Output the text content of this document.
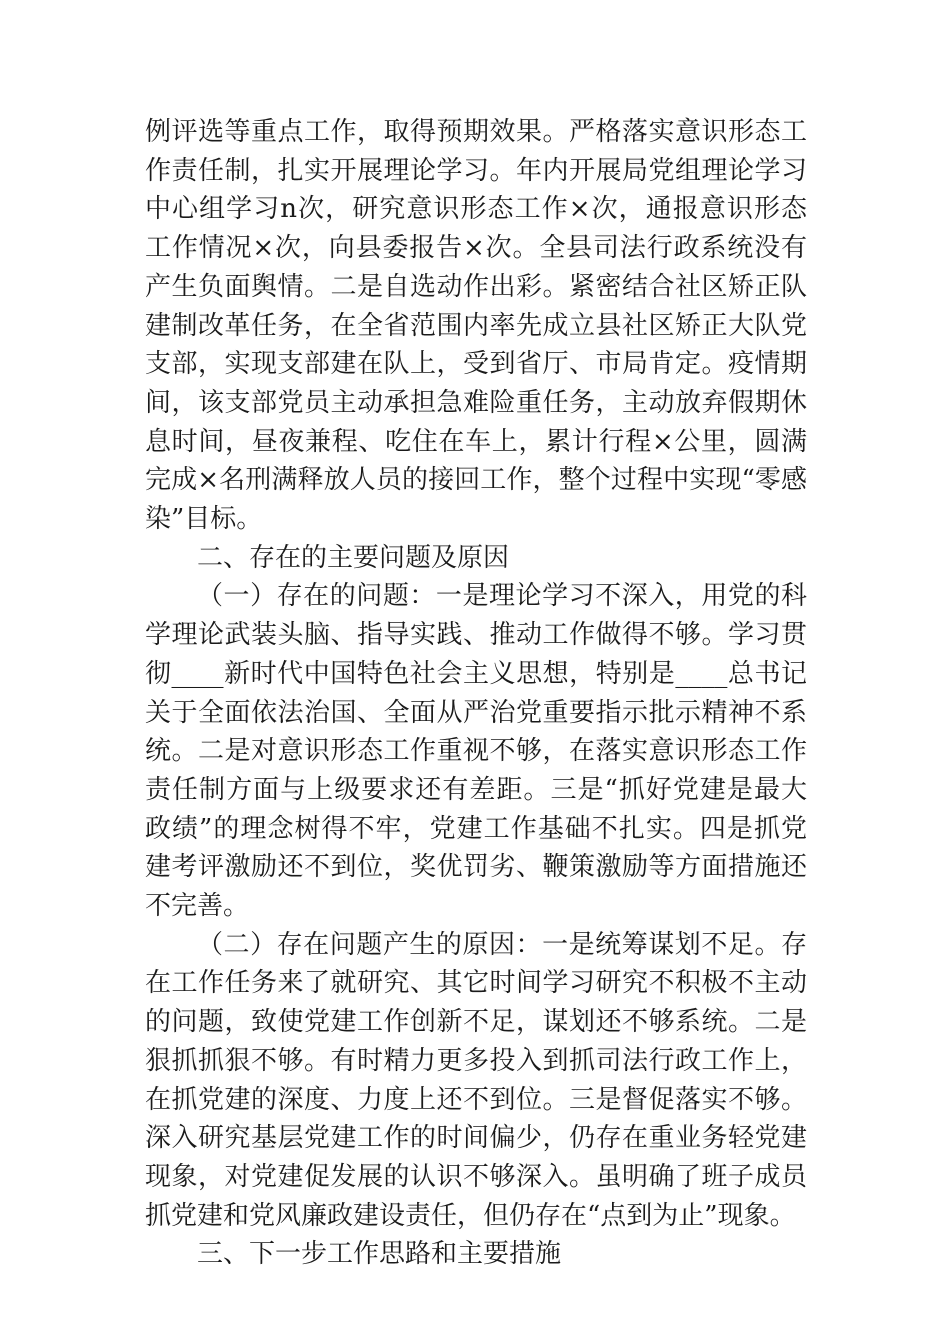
例评选等重点工作，取得预期效果。严格落实意识形态工作责任制，扎实开展理论学习。年内开展局党组理论学习中心组学习n次，研究意识形态工作×次，通报意识形态工作情况×次，向县委报告×次。全县司法行政系统没有产生负面舆情。二是自选动作出彩。紧密结合社区矫正队建制改革任务，在全省范围内率先成立县社区矫正大队党支部，实现支部建在队上，受到省厅、市局肯定。疫情期间，该支部党员主动承担急难险重任务，主动放弃假期休息时间，昼夜兼程、吃住在车上，累计行程×公里，圆满完成×名刑满释放人员的接回工作，整个过程中实现“零感染”目标。

二、存在的主要问题及原因

（一）存在的问题：一是理论学习不深入，用党的科学理论武装头脑、指导实践、推动工作做得不够。学习贯彻____新时代中国特色社会主义思想，特别是____总书记关于全面依法治国、全面从严治党重要指示批示精神不系统。二是对意识形态工作重视不够，在落实意识形态工作责任制方面与上级要求还有差距。三是“抓好党建是最大政绩”的理念树得不牢，党建工作基础不扎实。四是抓党建考评激励还不到位，奖优罚劣、鞭策激励等方面措施还不完善。

（二）存在问题产生的原因：一是统筹谋划不足。存在工作任务来了就研究、其它时间学习研究不积极不主动的问题，致使党建工作创新不足，谋划还不够系统。二是狠抓抓狠不够。有时精力更多投入到抓司法行政工作上，在抓党建的深度、力度上还不到位。三是督促落实不够。深入研究基层党建工作的时间偏少，仍存在重业务轻党建现象，对党建促发展的认识不够深入。虽明确了班子成员抓党建和党风廉政建设责任，但仍存在“点到为止”现象。

三、下一步工作思路和主要措施
